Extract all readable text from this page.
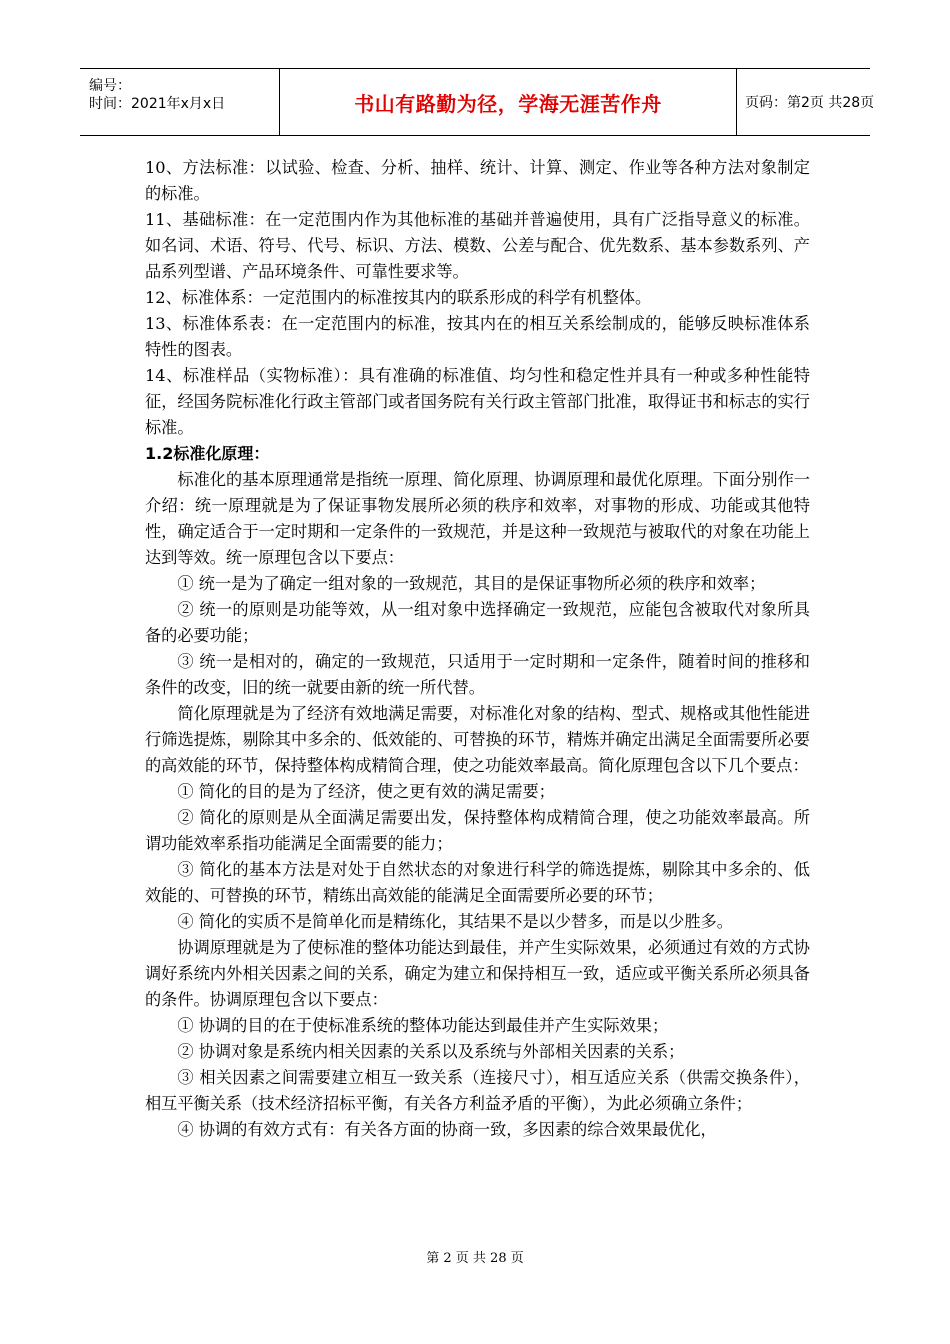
编号：
时间：2021年x月x日	书山有路勤为径，学海无涯苦作舟	页码：第2页 共28页

10、方法标准：以试验、检查、分析、抽样、统计、计算、测定、作业等各种方法对象制定的标准。

11、基础标准：在一定范围内作为其他标准的基础并普遍使用，具有广泛指导意义的标准。如名词、术语、符号、代号、标识、方法、模数、公差与配合、优先数系、基本参数系列、产品系列型谱、产品环境条件、可靠性要求等。

12、标准体系：一定范围内的标准按其内的联系形成的科学有机整体。

13、标准体系表：在一定范围内的标准，按其内在的相互关系绘制成的，能够反映标准体系特性的图表。

14、标准样品（实物标准）：具有准确的标准值、均匀性和稳定性并具有一种或多种性能特征，经国务院标准化行政主管部门或者国务院有关行政主管部门批准，取得证书和标志的实行标准。

1.2标准化原理：

标准化的基本原理通常是指统一原理、简化原理、协调原理和最优化原理。下面分别作一介绍：统一原理就是为了保证事物发展所必须的秩序和效率，对事物的形成、功能或其他特性，确定适合于一定时期和一定条件的一致规范，并是这种一致规范与被取代的对象在功能上达到等效。统一原理包含以下要点：

① 统一是为了确定一组对象的一致规范，其目的是保证事物所必须的秩序和效率；

② 统一的原则是功能等效，从一组对象中选择确定一致规范，应能包含被取代对象所具备的必要功能；

③ 统一是相对的，确定的一致规范，只适用于一定时期和一定条件，随着时间的推移和条件的改变，旧的统一就要由新的统一所代替。

简化原理就是为了经济有效地满足需要，对标准化对象的结构、型式、规格或其他性能进行筛选提炼，剔除其中多余的、低效能的、可替换的环节，精炼并确定出满足全面需要所必要的高效能的环节，保持整体构成精简合理，使之功能效率最高。简化原理包含以下几个要点：

① 简化的目的是为了经济，使之更有效的满足需要；

② 简化的原则是从全面满足需要出发，保持整体构成精简合理，使之功能效率最高。所谓功能效率系指功能满足全面需要的能力；

③ 简化的基本方法是对处于自然状态的对象进行科学的筛选提炼，剔除其中多余的、低效能的、可替换的环节，精练出高效能的能满足全面需要所必要的环节；

④ 简化的实质不是简单化而是精练化，其结果不是以少替多，而是以少胜多。

协调原理就是为了使标准的整体功能达到最佳，并产生实际效果，必须通过有效的方式协调好系统内外相关因素之间的关系，确定为建立和保持相互一致，适应或平衡关系所必须具备的条件。协调原理包含以下要点：

① 协调的目的在于使标准系统的整体功能达到最佳并产生实际效果；

② 协调对象是系统内相关因素的关系以及系统与外部相关因素的关系；

③ 相关因素之间需要建立相互一致关系（连接尺寸），相互适应关系（供需交换条件），相互平衡关系（技术经济招标平衡，有关各方利益矛盾的平衡），为此必须确立条件；

④ 协调的有效方式有：有关各方面的协商一致，多因素的综合效果最优化，

第 2 页 共 28 页
